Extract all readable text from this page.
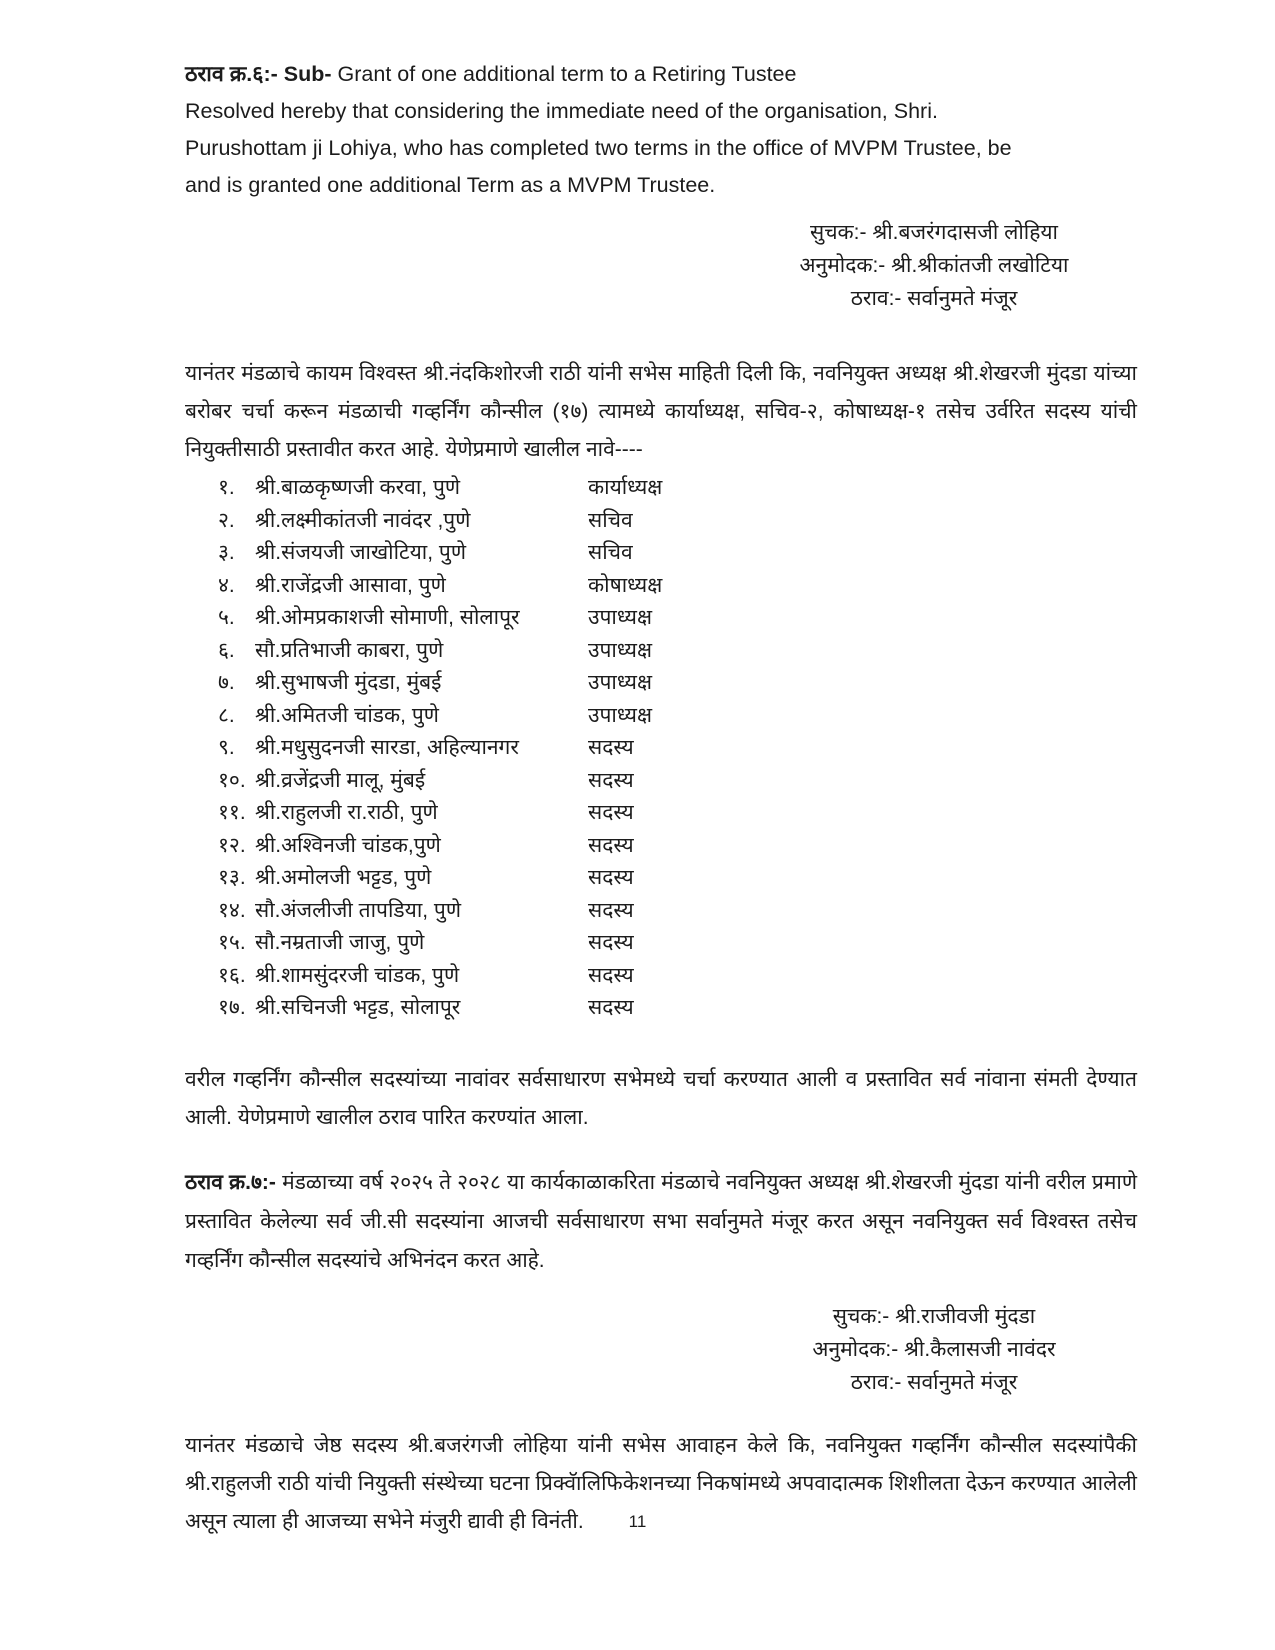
ठराव क्र.६:- Sub- Grant of one additional term to a Retiring Tustee

Resolved hereby that considering the immediate need of the organisation, Shri.
Purushottam ji Lohiya, who has completed two terms in the office of MVPM Trustee, be
and is granted one additional Term as a MVPM Trustee.
सुचक:- श्री.बजरंगदासजी लोहिया
अनुमोदक:- श्री.श्रीकांतजी लखोटिया
ठराव:- सर्वानुमते मंजूर

यानंतर मंडळाचे कायम विश्वस्त श्री.नंदकिशोरजी राठी यांनी सभेस माहिती दिली कि, नवनियुक्त अध्यक्ष श्री.शेखरजी मुंदडा यांच्या बरोबर चर्चा करून मंडळाची गव्हर्निंग कौन्सील (१७) त्यामध्ये कार्याध्यक्ष, सचिव-२, कोषाध्यक्ष-१ तसेच उर्वरित सदस्य यांची नियुक्तीसाठी प्रस्तावीत करत आहे. येणेप्रमाणे खालील नावे----

१. श्री.बाळकृष्णजी करवा, पुणे	कार्याध्यक्ष
२. श्री.लक्ष्मीकांतजी नावंदर ,पुणे	सचिव
३. श्री.संजयजी जाखोटिया, पुणे	सचिव
४. श्री.राजेंद्रजी आसावा, पुणे	कोषाध्यक्ष
५. श्री.ओमप्रकाशजी सोमाणी, सोलापूर	उपाध्यक्ष
६. सौ.प्रतिभाजी काबरा, पुणे	उपाध्यक्ष
७. श्री.सुभाषजी मुंदडा, मुंबई	उपाध्यक्ष
८. श्री.अमितजी चांडक, पुणे	उपाध्यक्ष
९. श्री.मधुसुदनजी सारडा, अहिल्यानगर	सदस्य
१०. श्री.व्रजेंद्रजी मालू, मुंबई	सदस्य
११. श्री.राहुलजी रा.राठी, पुणे	सदस्य
१२. श्री.अश्विनजी चांडक,पुणे	सदस्य
१३. श्री.अमोलजी भट्टड, पुणे	सदस्य
१४. सौ.अंजलीजी तापडिया, पुणे	सदस्य
१५. सौ.नम्रताजी जाजु, पुणे	सदस्य
१६. श्री.शामसुंदरजी चांडक, पुणे	सदस्य
१७. श्री.सचिनजी भट्टड, सोलापूर	सदस्य

वरील गव्हर्निंग कौन्सील सदस्यांच्या नावांवर सर्वसाधारण सभेमध्ये चर्चा करण्यात आली व प्रस्तावित सर्व नांवाना संमती देण्यात आली. येणेप्रमाणे खालील ठराव पारित करण्यांत आला.

ठराव क्र.७:- मंडळाच्या वर्ष २०२५ ते २०२८ या कार्यकाळाकरिता मंडळाचे नवनियुक्त अध्यक्ष श्री.शेखरजी मुंदडा यांनी वरील प्रमाणे प्रस्तावित केलेल्या सर्व जी.सी सदस्यांना आजची सर्वसाधारण सभा सर्वानुमते मंजूर करत असून नवनियुक्त सर्व विश्वस्त तसेच गव्हर्निंग कौन्सील सदस्यांचे अभिनंदन करत आहे.

सुचक:- श्री.राजीवजी मुंदडा
अनुमोदक:- श्री.कैलासजी नावंदर
ठराव:- सर्वानुमते मंजूर

यानंतर मंडळाचे जेष्ठ सदस्य श्री.बजरंगजी लोहिया यांनी सभेस आवाहन केले कि, नवनियुक्त गव्हर्निंग कौन्सील सदस्यांपैकी श्री.राहुलजी राठी यांची नियुक्ती संस्थेच्या घटना प्रिक्वॅालिफिकेशनच्या निकषांमध्ये अपवादात्मक शिशीलता देऊन करण्यात आलेली असून त्याला ही आजच्या सभेने मंजुरी द्यावी ही विनंती.	11
